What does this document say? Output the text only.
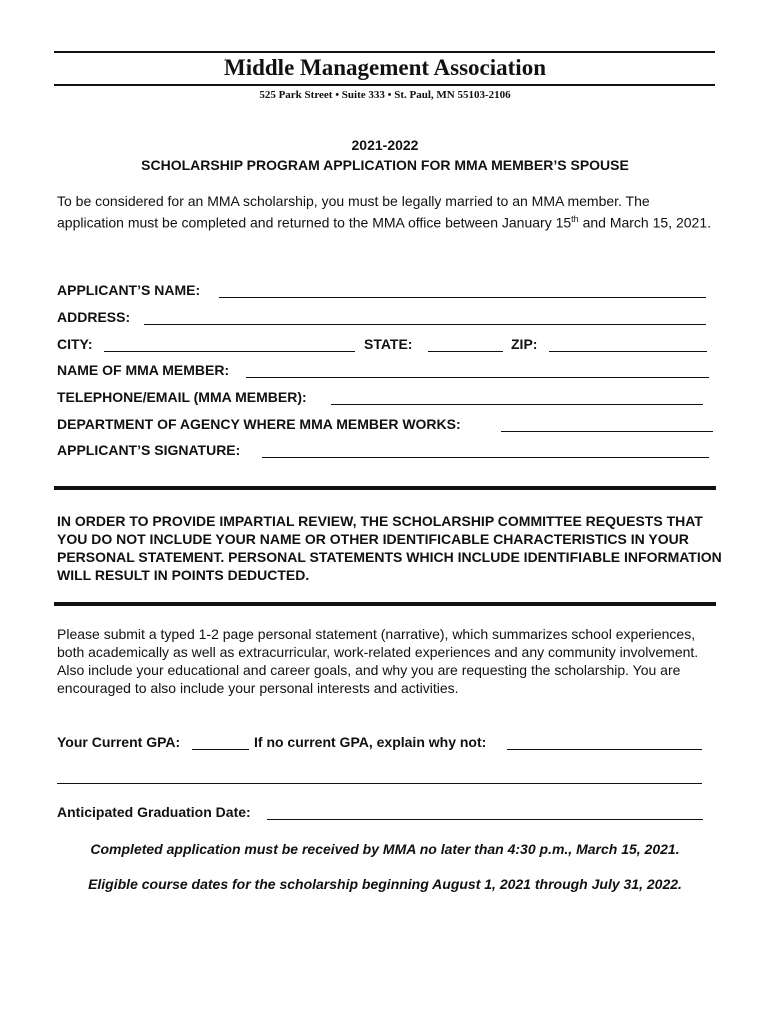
Middle Management Association
525 Park Street • Suite 333 • St. Paul, MN 55103-2106
2021-2022
SCHOLARSHIP PROGRAM APPLICATION FOR MMA MEMBER’S SPOUSE
To be considered for an MMA scholarship, you must be legally married to an MMA member. The application must be completed and returned to the MMA office between January 15th and March 15, 2021.
APPLICANT’S NAME:
ADDRESS:
CITY:	STATE:	ZIP:
NAME OF MMA MEMBER:
TELEPHONE/EMAIL (MMA MEMBER):
DEPARTMENT OF AGENCY WHERE MMA MEMBER WORKS:
APPLICANT’S SIGNATURE:
IN ORDER TO PROVIDE IMPARTIAL REVIEW, THE SCHOLARSHIP COMMITTEE REQUESTS THAT YOU DO NOT INCLUDE YOUR NAME OR OTHER IDENTIFICABLE CHARACTERISTICS IN YOUR PERSONAL STATEMENT. PERSONAL STATEMENTS WHICH INCLUDE IDENTIFIABLE INFORMATION WILL RESULT IN POINTS DEDUCTED.
Please submit a typed 1-2 page personal statement (narrative), which summarizes school experiences, both academically as well as extracurricular, work-related experiences and any community involvement. Also include your educational and career goals, and why you are requesting the scholarship. You are encouraged to also include your personal interests and activities.
Your Current GPA:	If no current GPA, explain why not:
Anticipated Graduation Date:
Completed application must be received by MMA no later than 4:30 p.m., March 15, 2021.
Eligible course dates for the scholarship beginning August 1, 2021 through July 31, 2022.
